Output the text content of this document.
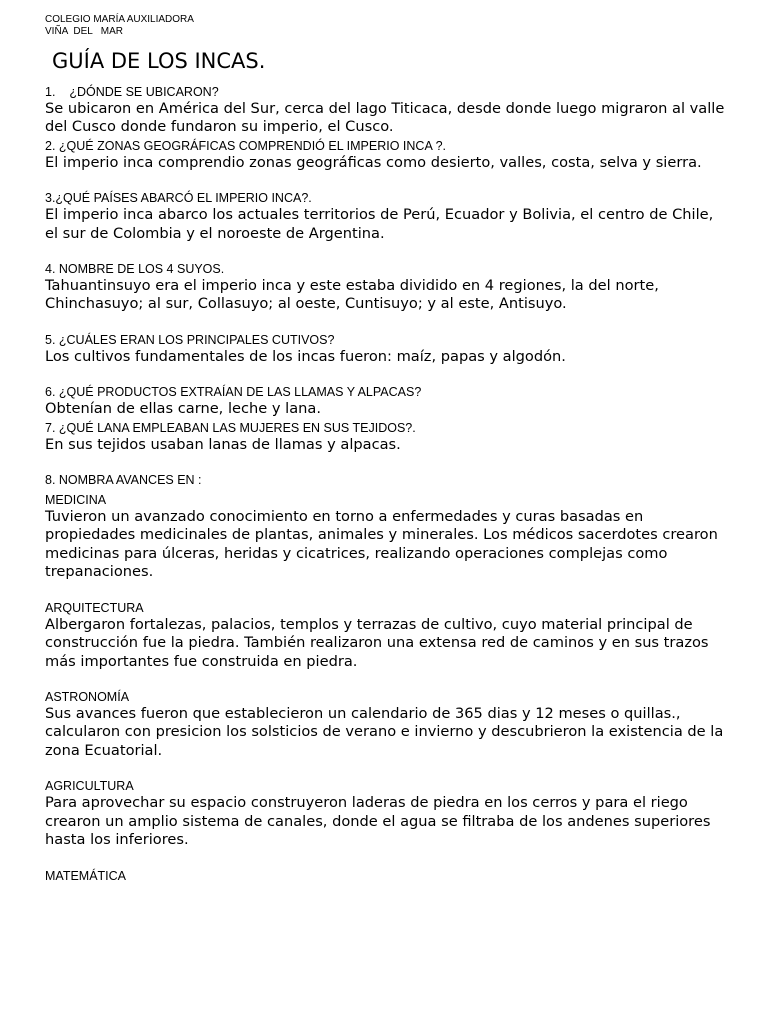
COLEGIO MARÍA AUXILIADORA
VIÑA  DEL   MAR
GUÍA DE LOS INCAS.
1.    ¿DÓNDE SE UBICARON?
Se ubicaron en América del Sur, cerca del lago Titicaca, desde donde luego migraron al valle del Cusco donde fundaron su imperio, el Cusco.
2. ¿QUÉ ZONAS GEOGRÁFICAS COMPRENDIÓ EL IMPERIO INCA ?.
El imperio inca comprendio zonas geográficas como desierto, valles, costa, selva y sierra.
3.¿QUÉ PAÍSES ABARCÓ EL IMPERIO INCA?.
El imperio inca abarco los actuales territorios de Perú, Ecuador y Bolivia, el centro de Chile, el sur de Colombia y el noroeste de Argentina.
4. NOMBRE DE LOS 4 SUYOS.
Tahuantinsuyo era el imperio inca y este estaba dividido en 4 regiones, la del norte, Chinchasuyo; al sur, Collasuyo; al oeste, Cuntisuyo; y al este, Antisuyo.
5. ¿CUÁLES ERAN LOS PRINCIPALES CUTIVOS?
Los cultivos fundamentales de los incas fueron: maíz, papas y algodón.
6. ¿QUÉ PRODUCTOS EXTRAÍAN DE LAS LLAMAS Y ALPACAS?
Obtenían de ellas carne, leche y lana.
7. ¿QUÉ LANA EMPLEABAN LAS MUJERES EN SUS TEJIDOS?.
En sus tejidos usaban lanas de llamas y alpacas.
8. NOMBRA AVANCES EN :
MEDICINA
Tuvieron un avanzado conocimiento en torno a enfermedades y curas basadas en propiedades medicinales de plantas, animales y minerales. Los médicos sacerdotes crearon medicinas para úlceras, heridas y cicatrices, realizando operaciones complejas como trepanaciones.
ARQUITECTURA
Albergaron fortalezas, palacios, templos y terrazas de cultivo, cuyo material principal de construcción fue la piedra. También realizaron una extensa red de caminos y en sus trazos más importantes fue construida en piedra.
ASTRONOMÍA
Sus avances fueron que establecieron un calendario de 365 dias y 12 meses o quillas., calcularon con presicion los solsticios de verano e invierno y descubrieron la existencia de la zona Ecuatorial.
AGRICULTURA
Para aprovechar su espacio construyeron laderas de piedra en los cerros y para el riego crearon un amplio sistema de canales, donde el agua se filtraba de los andenes superiores hasta los inferiores.
MATEMÁTICA
